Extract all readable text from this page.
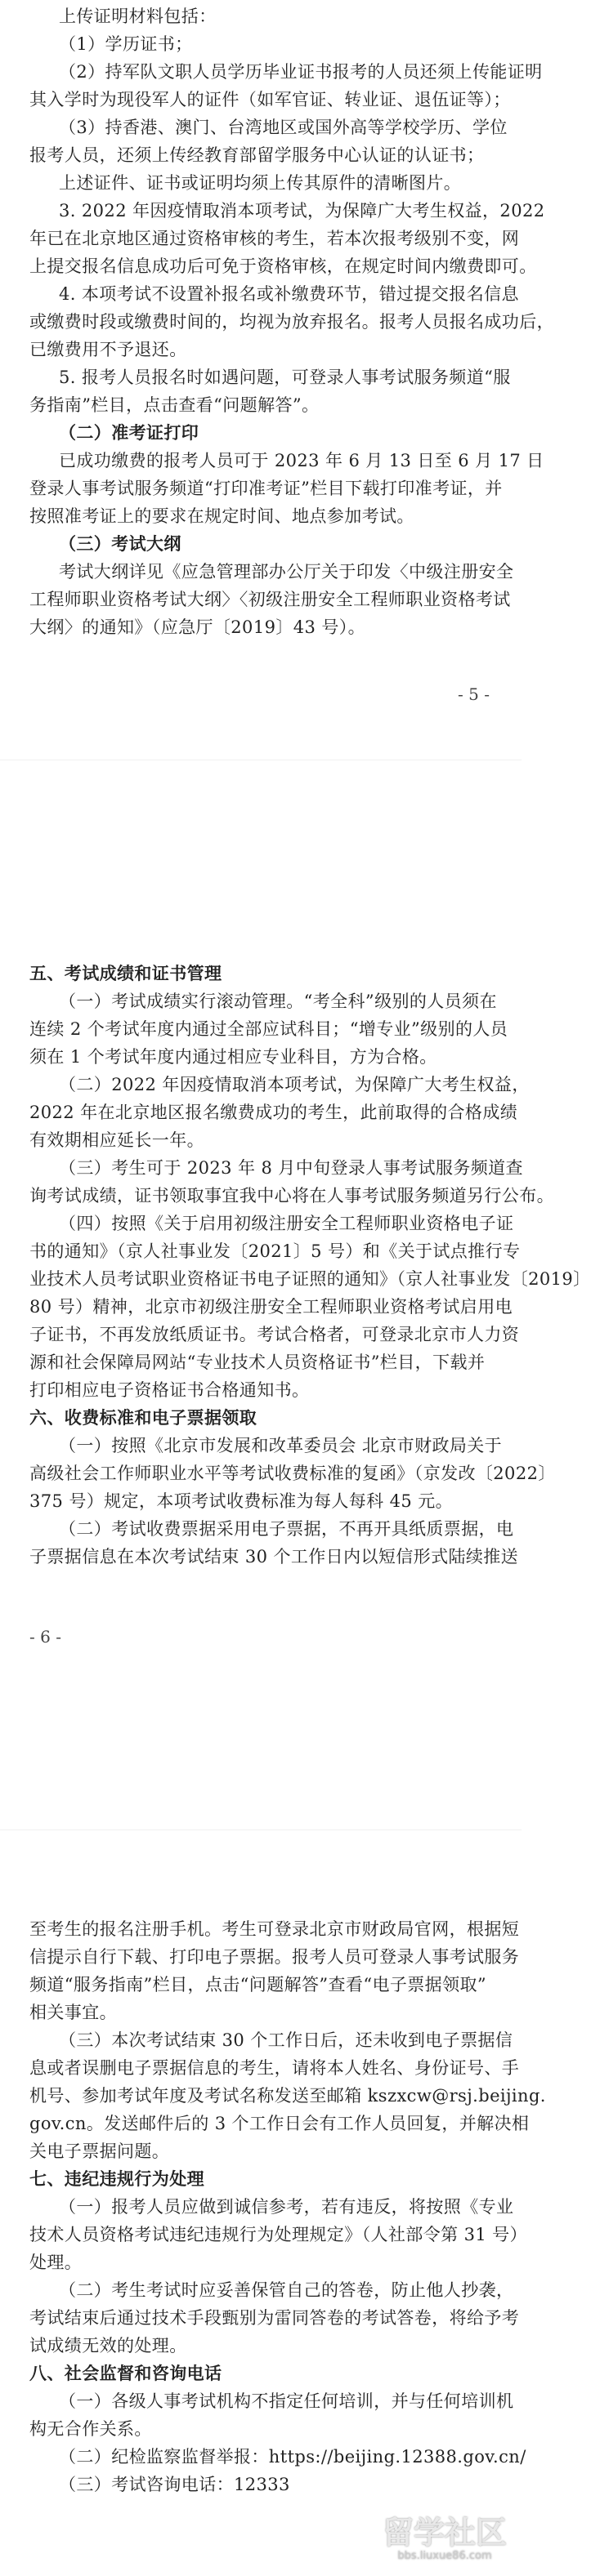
上传证明材料包括：
（1）学历证书；
（2）持军队文职人员学历毕业证书报考的人员还须上传能证明
其入学时为现役军人的证件（如军官证、转业证、退伍证等）；
（3）持香港、澳门、台湾地区或国外高等学校学历、学位
报考人员，还须上传经教育部留学服务中心认证的认证书；
上述证件、证书或证明均须上传其原件的清晰图片。
3. 2022 年因疫情取消本项考试，为保障广大考生权益，2022
年已在北京地区通过资格审核的考生，若本次报考级别不变，网
上提交报名信息成功后可免于资格审核，在规定时间内缴费即可。
4. 本项考试不设置补报名或补缴费环节，错过提交报名信息
或缴费时段或缴费时间的，均视为放弃报名。报考人员报名成功后，
已缴费用不予退还。
5. 报考人员报名时如遇问题，可登录人事考试服务频道“服
务指南”栏目，点击查看“问题解答”。
（二）准考证打印
已成功缴费的报考人员可于 2023 年 6 月 13 日至 6 月 17 日
登录人事考试服务频道“打印准考证”栏目下载打印准考证，并
按照准考证上的要求在规定时间、地点参加考试。
（三）考试大纲
考试大纲详见《应急管理部办公厅关于印发〈中级注册安全
工程师职业资格考试大纲〉〈初级注册安全工程师职业资格考试
大纲〉的通知》（应急厅〔2019〕43 号）。
- 5 -
五、考试成绩和证书管理
（一）考试成绩实行滚动管理。“考全科”级别的人员须在
连续 2 个考试年度内通过全部应试科目；“增专业”级别的人员
须在 1 个考试年度内通过相应专业科目，方为合格。
（二）2022 年因疫情取消本项考试，为保障广大考生权益，
2022 年在北京地区报名缴费成功的考生，此前取得的合格成绩
有效期相应延长一年。
（三）考生可于 2023 年 8 月中旬登录人事考试服务频道查
询考试成绩，证书领取事宜我中心将在人事考试服务频道另行公布。
（四）按照《关于启用初级注册安全工程师职业资格电子证
书的通知》（京人社事业发〔2021〕5 号）和《关于试点推行专
业技术人员考试职业资格证书电子证照的通知》（京人社事业发〔2019〕
80 号）精神，北京市初级注册安全工程师职业资格考试启用电
子证书，不再发放纸质证书。考试合格者，可登录北京市人力资
源和社会保障局网站“专业技术人员资格证书”栏目，下载并
打印相应电子资格证书合格通知书。
六、收费标准和电子票据领取
（一）按照《北京市发展和改革委员会 北京市财政局关于
高级社会工作师职业水平等考试收费标准的复函》（京发改〔2022〕
375 号）规定，本项考试收费标准为每人每科 45 元。
（二）考试收费票据采用电子票据，不再开具纸质票据，电
子票据信息在本次考试结束 30 个工作日内以短信形式陆续推送
- 6 -
至考生的报名注册手机。考生可登录北京市财政局官网，根据短
信提示自行下载、打印电子票据。报考人员可登录人事考试服务
频道“服务指南”栏目，点击“问题解答”查看“电子票据领取”
相关事宜。
（三）本次考试结束 30 个工作日后，还未收到电子票据信
息或者误删电子票据信息的考生，请将本人姓名、身份证号、手
机号、参加考试年度及考试名称发送至邮箱 kszxcw@rsj.beijing.
gov.cn。发送邮件后的 3 个工作日会有工作人员回复，并解决相
关电子票据问题。
七、违纪违规行为处理
（一）报考人员应做到诚信参考，若有违反，将按照《专业
技术人员资格考试违纪违规行为处理规定》（人社部令第 31 号）
处理。
（二）考生考试时应妥善保管自己的答卷，防止他人抄袭，
考试结束后通过技术手段甄别为雷同答卷的考试答卷，将给予考
试成绩无效的处理。
八、社会监督和咨询电话
（一）各级人事考试机构不指定任何培训，并与任何培训机
构无合作关系。
（二）纪检监察监督举报：https://beijing.12388.gov.cn/
（三）考试咨询电话：12333
留学社区
bbs.liuxue86.com
